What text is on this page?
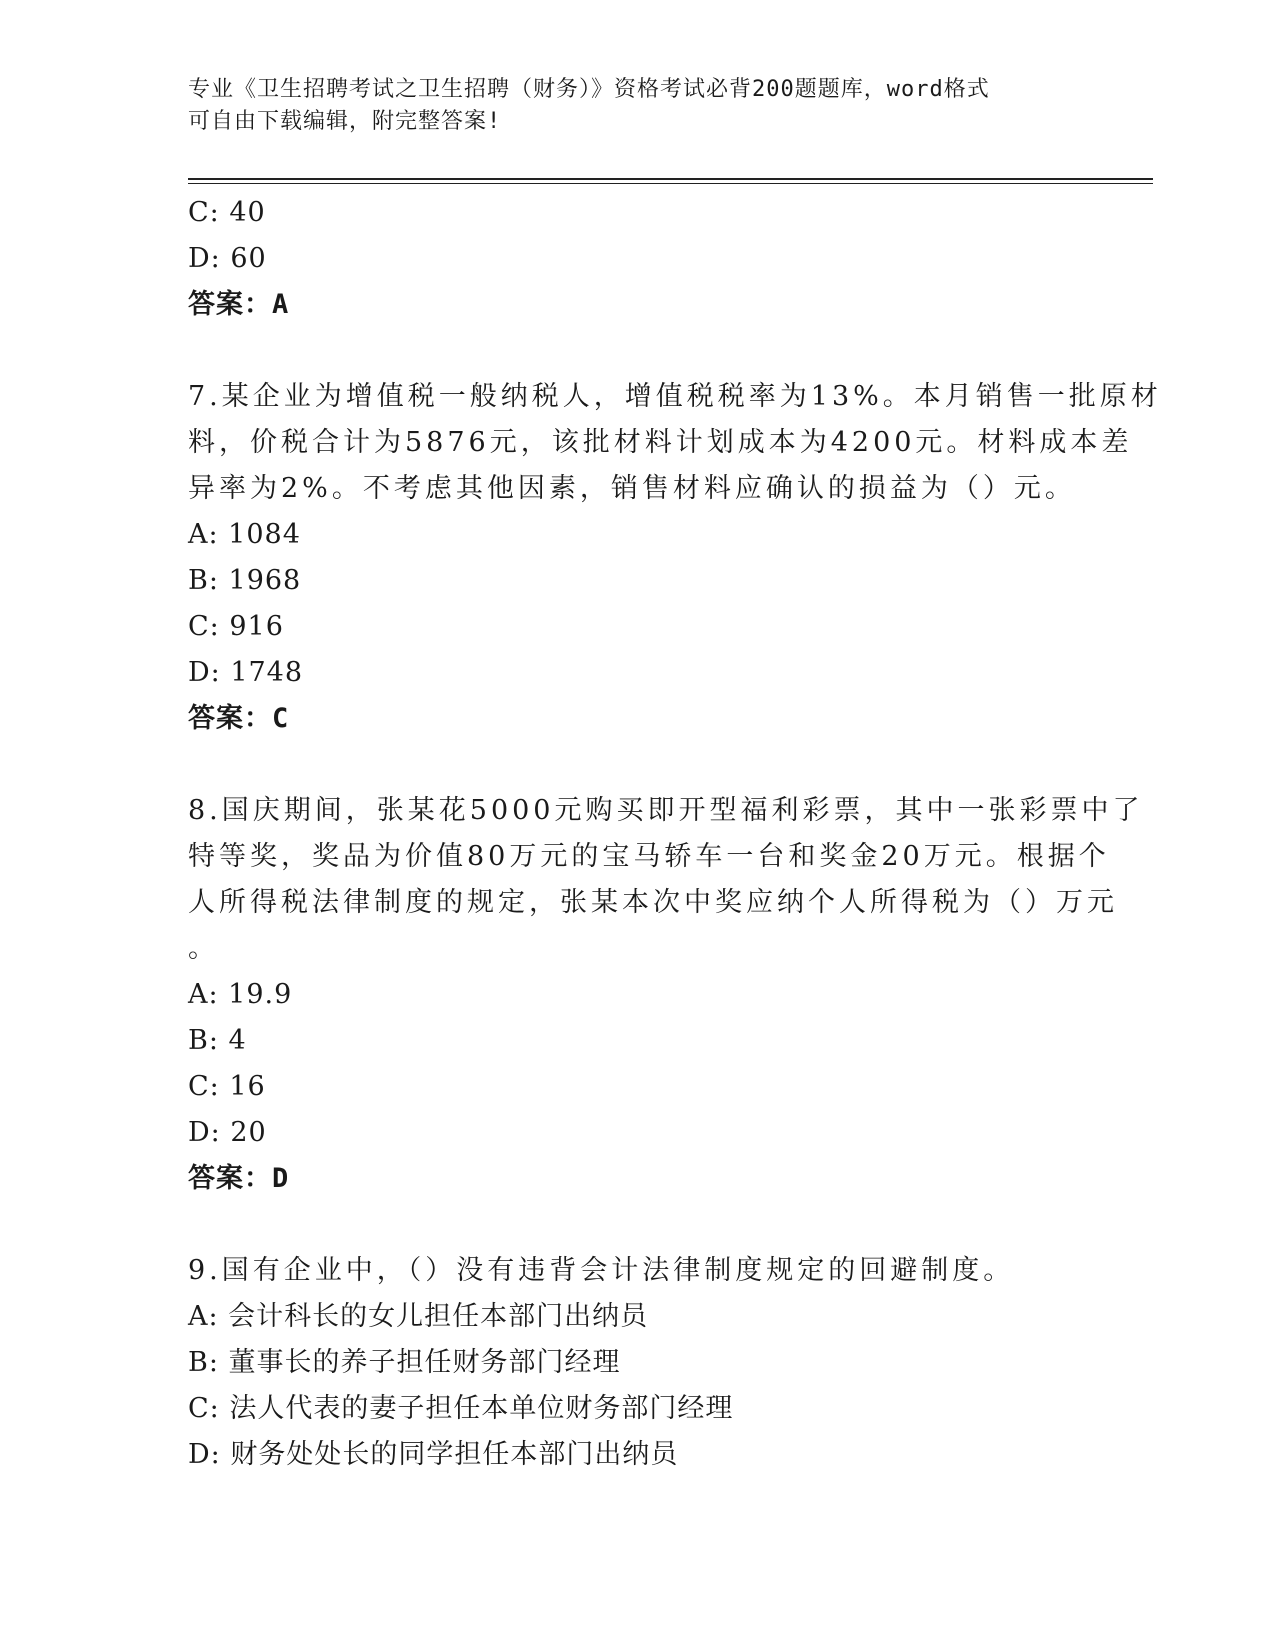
专业《卫生招聘考试之卫生招聘（财务）》资格考试必背200题题库，word格式
可自由下载编辑，附完整答案!
C: 40
D: 60
答案：A
7.某企业为增值税一般纳税人，增值税税率为13%。本月销售一批原材
料，价税合计为5876元，该批材料计划成本为4200元。材料成本差
异率为2%。不考虑其他因素，销售材料应确认的损益为（）元。
A: 1084
B: 1968
C: 916
D: 1748
答案：C
8.国庆期间，张某花5000元购买即开型福利彩票，其中一张彩票中了
特等奖，奖品为价值80万元的宝马轿车一台和奖金20万元。根据个
人所得税法律制度的规定，张某本次中奖应纳个人所得税为（）万元
。
A: 19.9
B: 4
C: 16
D: 20
答案：D
9.国有企业中，（）没有违背会计法律制度规定的回避制度。
A: 会计科长的女儿担任本部门出纳员
B: 董事长的养子担任财务部门经理
C: 法人代表的妻子担任本单位财务部门经理
D: 财务处处长的同学担任本部门出纳员
